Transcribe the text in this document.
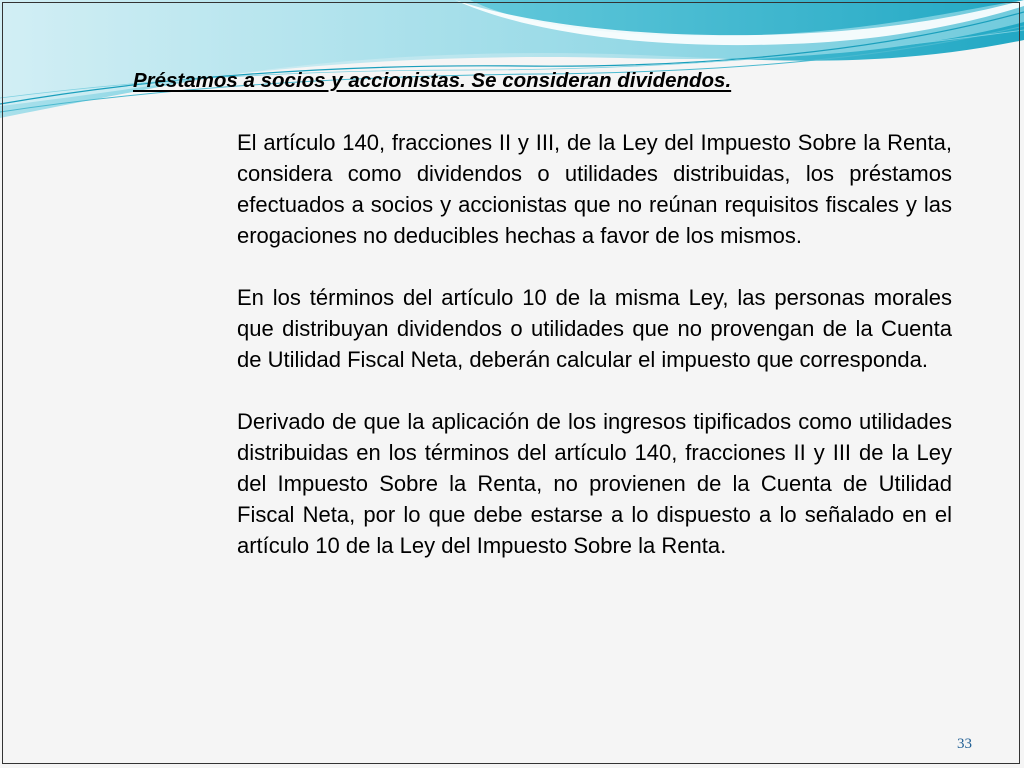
Préstamos a socios y accionistas. Se consideran dividendos.

El artículo 140, fracciones II y III, de la Ley del Impuesto Sobre la Renta, considera como dividendos o utilidades distribuidas, los préstamos efectuados a socios y accionistas que no reúnan requisitos fiscales y las erogaciones no deducibles hechas a favor de los mismos.

En los términos del artículo 10 de la misma Ley, las personas morales que distribuyan dividendos o utilidades que no provengan de la Cuenta de Utilidad Fiscal Neta, deberán calcular el impuesto que corresponda.

Derivado de que la aplicación de los ingresos tipificados como utilidades distribuidas en los términos del artículo 140, fracciones II y III de la Ley del Impuesto Sobre la Renta, no provienen de la Cuenta de Utilidad Fiscal Neta, por lo que debe estarse a lo dispuesto a lo señalado en el artículo 10 de la Ley del Impuesto Sobre la Renta.

33
